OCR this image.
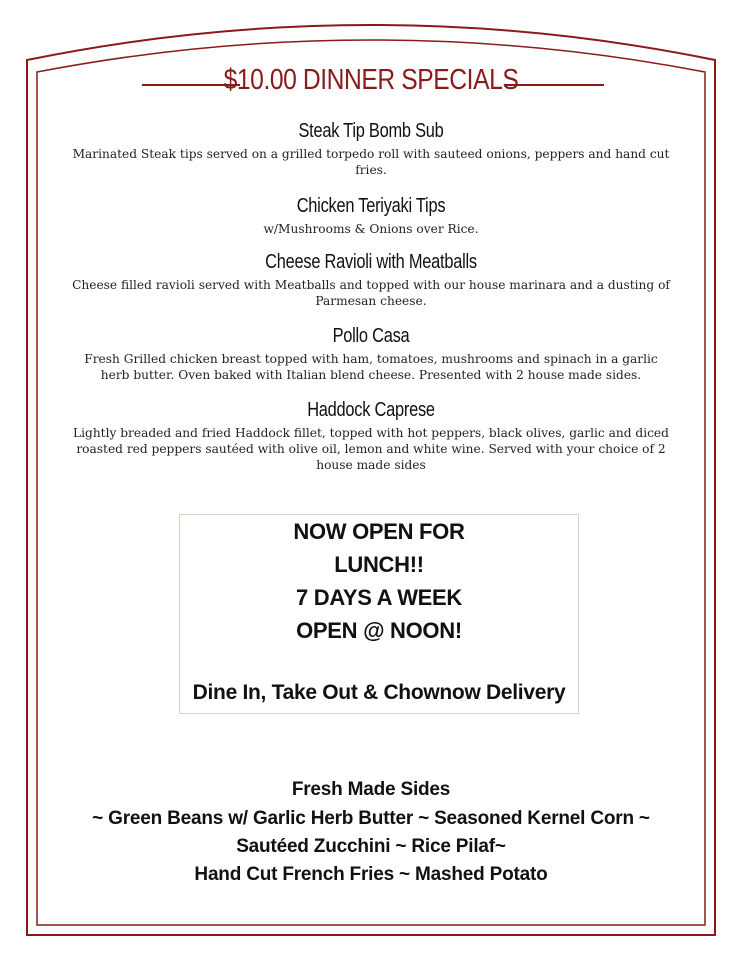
$10.00 DINNER SPECIALS
Steak Tip Bomb Sub
Marinated Steak tips served on a grilled torpedo roll with sauteed onions, peppers and hand cut
fries.
Chicken Teriyaki Tips
w/Mushrooms & Onions over Rice.
Cheese Ravioli with Meatballs
Cheese filled ravioli served with Meatballs and topped with our house marinara and a dusting of
Parmesan cheese.
Pollo Casa
Fresh Grilled chicken breast topped with ham, tomatoes, mushrooms and spinach in a garlic
herb butter. Oven baked with Italian blend cheese. Presented with 2 house made sides.
Haddock Caprese
Lightly breaded and fried Haddock fillet, topped with hot peppers, black olives, garlic and diced
roasted red peppers sautéed with olive oil, lemon and white wine. Served with your choice of 2
house made sides
NOW OPEN FOR
LUNCH!!
7 DAYS A WEEK
OPEN @ NOON!
Dine In, Take Out & Chownow Delivery
Fresh Made Sides
~ Green Beans w/ Garlic Herb Butter ~ Seasoned Kernel Corn ~
Sautéed Zucchini ~ Rice Pilaf~
Hand Cut French Fries ~ Mashed Potato
